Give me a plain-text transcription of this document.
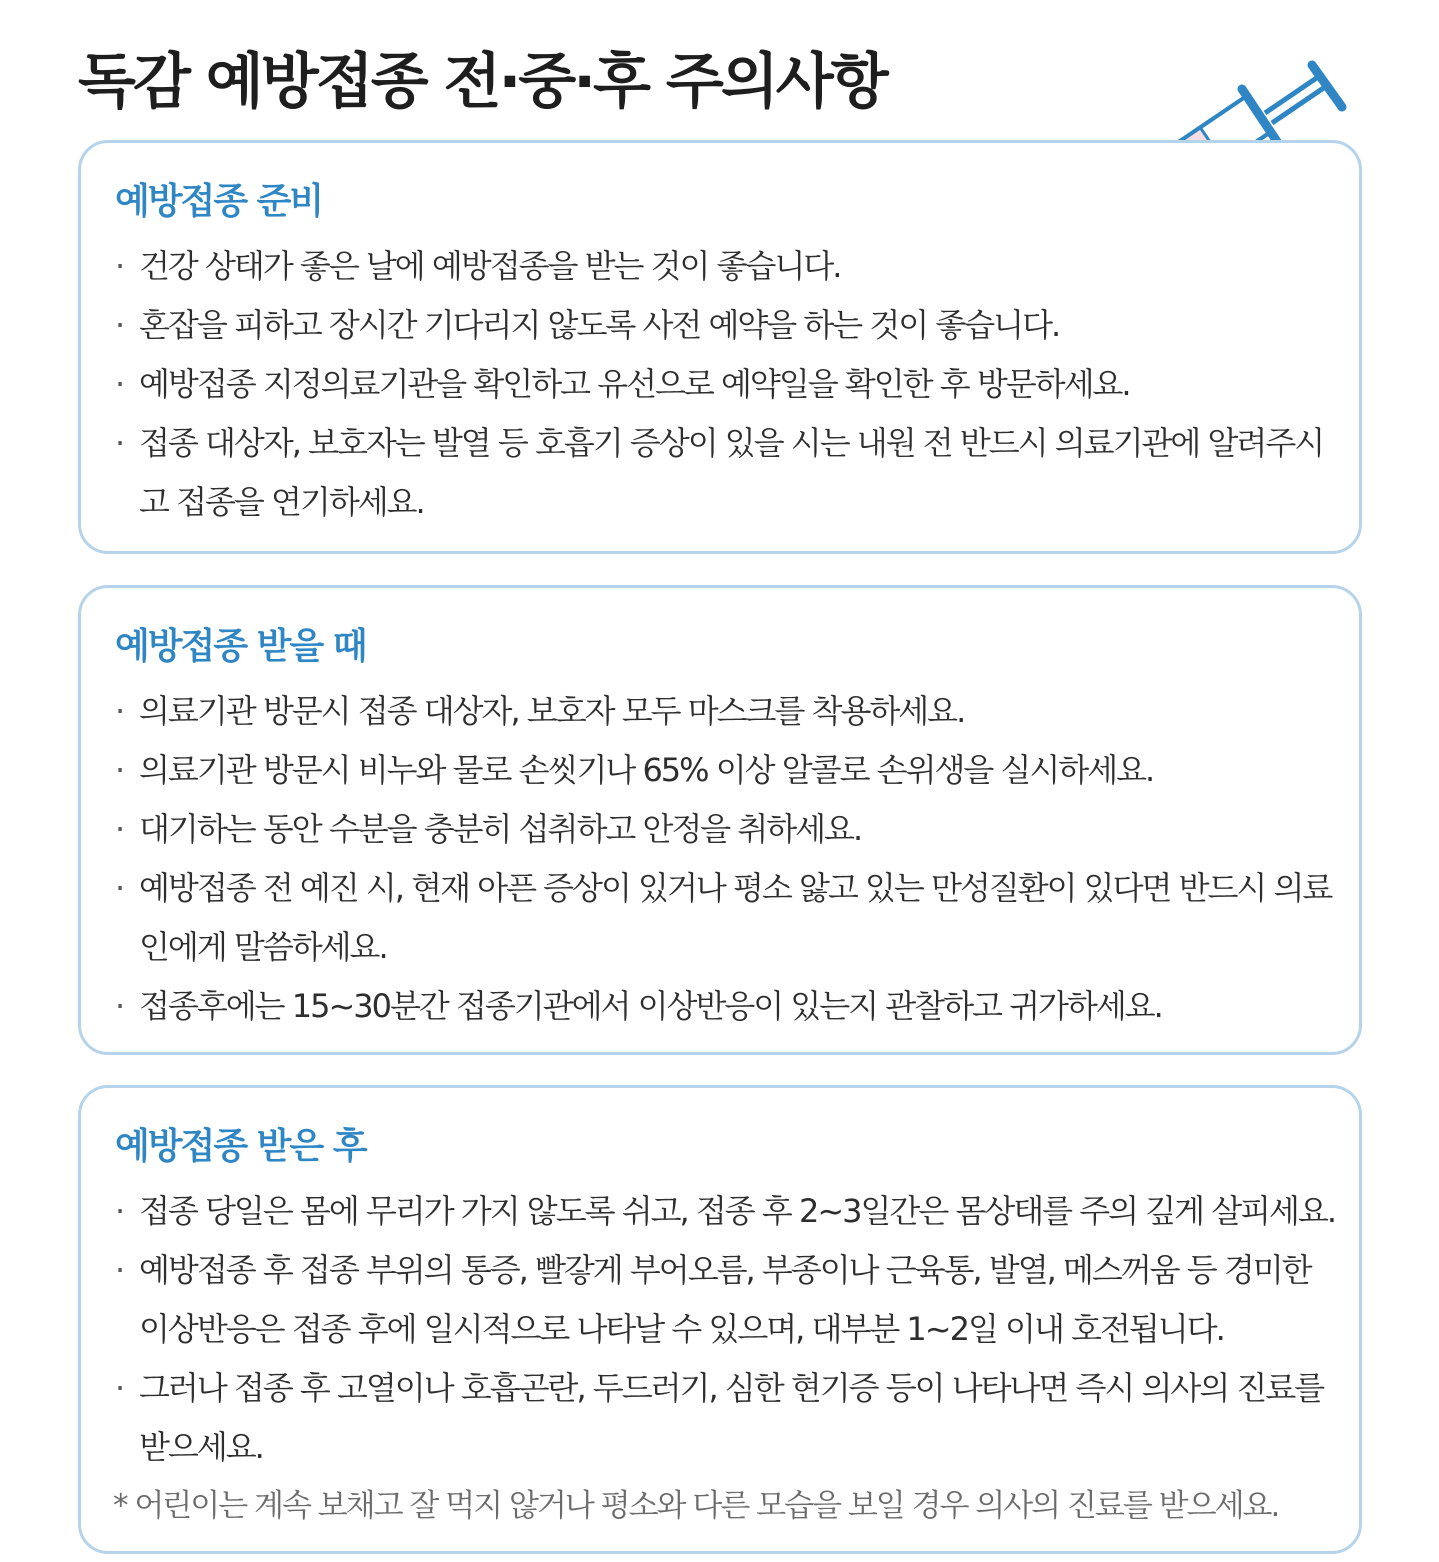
독감 예방접종 전·중·후 주의사항
예방접종 준비
· 건강 상태가 좋은 날에 예방접종을 받는 것이 좋습니다.
· 혼잡을 피하고 장시간 기다리지 않도록 사전 예약을 하는 것이 좋습니다.
· 예방접종 지정의료기관을 확인하고 유선으로 예약일을 확인한 후 방문하세요.
· 접종 대상자, 보호자는 발열 등 호흡기 증상이 있을 시는 내원 전 반드시 의료기관에 알려주시고 접종을 연기하세요.
예방접종 받을 때
· 의료기관 방문시 접종 대상자, 보호자 모두 마스크를 착용하세요.
· 의료기관 방문시 비누와 물로 손씻기나 65% 이상 알콜로 손위생을 실시하세요.
· 대기하는 동안 수분을 충분히 섭취하고 안정을 취하세요.
· 예방접종 전 예진 시, 현재 아픈 증상이 있거나 평소 앓고 있는 만성질환이 있다면 반드시 의료인에게 말씀하세요.
· 접종후에는 15~30분간 접종기관에서 이상반응이 있는지 관찰하고 귀가하세요.
예방접종 받은 후
· 접종 당일은 몸에 무리가 가지 않도록 쉬고, 접종 후 2~3일간은 몸상태를 주의 깊게 살피세요.
· 예방접종 후 접종 부위의 통증, 빨갛게 부어오름, 부종이나 근육통, 발열, 메스꺼움 등 경미한 이상반응은 접종 후에 일시적으로 나타날 수 있으며, 대부분 1~2일 이내 호전됩니다.
· 그러나 접종 후 고열이나 호흡곤란, 두드러기, 심한 현기증 등이 나타나면 즉시 의사의 진료를 받으세요.
* 어린이는 계속 보채고 잘 먹지 않거나 평소와 다른 모습을 보일 경우 의사의 진료를 받으세요.
